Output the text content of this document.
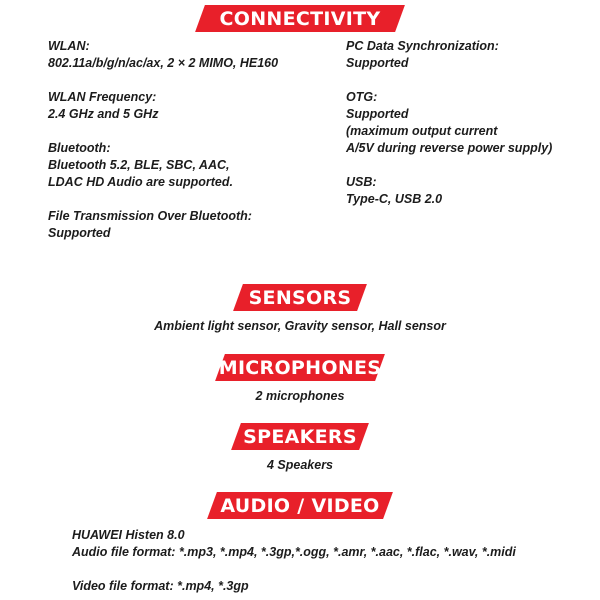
CONNECTIVITY
WLAN:
802.11a/b/g/n/ac/ax, 2 × 2 MIMO, HE160
WLAN Frequency:
2.4 GHz and 5 GHz
Bluetooth:
Bluetooth 5.2, BLE, SBC, AAC,
LDAC HD Audio are supported.
File Transmission Over Bluetooth:
Supported
PC Data Synchronization:
Supported
OTG:
Supported
(maximum output current
A/5V during reverse power supply)
USB:
Type-C, USB 2.0
SENSORS
Ambient light sensor, Gravity sensor, Hall sensor
MICROPHONES
2 microphones
SPEAKERS
4 Speakers
AUDIO / VIDEO
HUAWEI Histen 8.0
Audio file format: *.mp3, *.mp4, *.3gp,*.ogg, *.amr, *.aac, *.flac, *.wav, *.midi
Video file format: *.mp4, *.3gp
